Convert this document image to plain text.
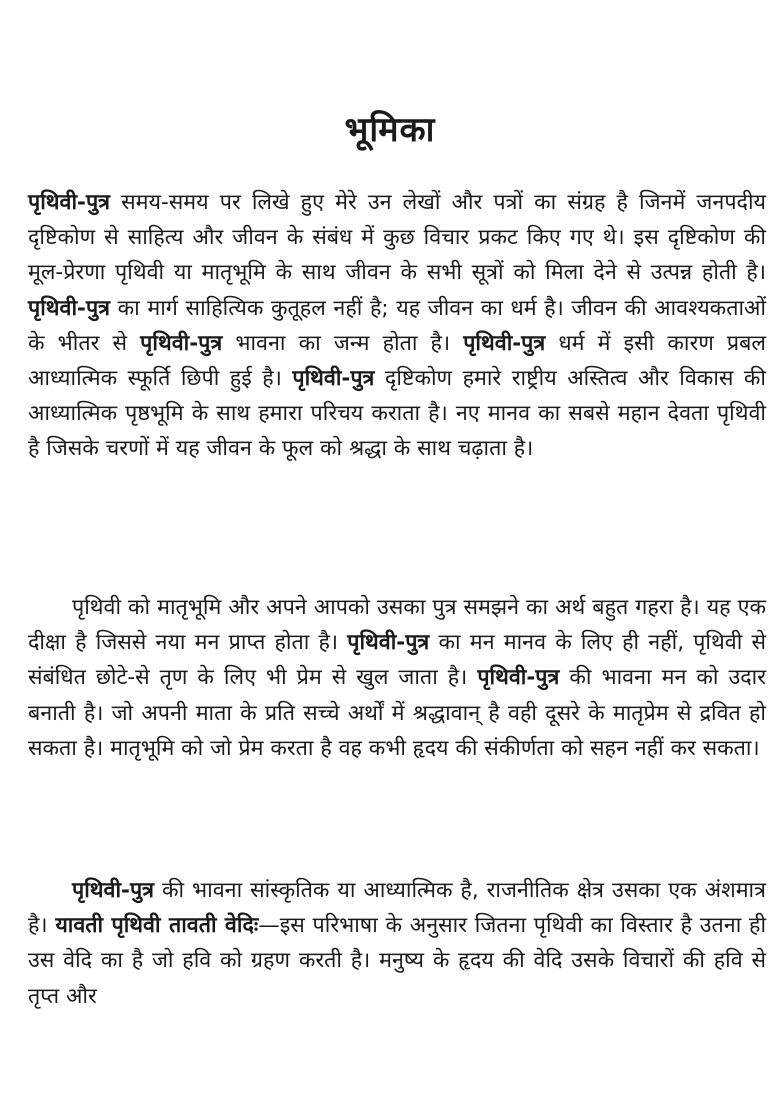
भूमिका

पृथिवी-पुत्र समय-समय पर लिखे हुए मेरे उन लेखों और पत्रों का संग्रह है जिनमें जनपदीय दृष्टिकोण से साहित्य और जीवन के संबंध में कुछ विचार प्रकट किए गए थे। इस दृष्टिकोण की मूल-प्रेरणा पृथिवी या मातृभूमि के साथ जीवन के सभी सूत्रों को मिला देने से उत्पन्न होती है। पृथिवी-पुत्र का मार्ग साहित्यिक कुतूहल नहीं है; यह जीवन का धर्म है। जीवन की आवश्यकताओं के भीतर से पृथिवी-पुत्र भावना का जन्म होता है। पृथिवी-पुत्र धर्म में इसी कारण प्रबल आध्यात्मिक स्फूर्ति छिपी हुई है। पृथिवी-पुत्र दृष्टिकोण हमारे राष्ट्रीय अस्तित्व और विकास की आध्यात्मिक पृष्ठभूमि के साथ हमारा परिचय कराता है। नए मानव का सबसे महान देवता पृथिवी है जिसके चरणों में यह जीवन के फूल को श्रद्धा के साथ चढ़ाता है।

पृथिवी को मातृभूमि और अपने आपको उसका पुत्र समझने का अर्थ बहुत गहरा है। यह एक दीक्षा है जिससे नया मन प्राप्त होता है। पृथिवी-पुत्र का मन मानव के लिए ही नहीं, पृथिवी से संबंधित छोटे-से तृण के लिए भी प्रेम से खुल जाता है। पृथिवी-पुत्र की भावना मन को उदार बनाती है। जो अपनी माता के प्रति सच्चे अर्थों में श्रद्धावान् है वही दूसरे के मातृप्रेम से द्रवित हो सकता है। मातृभूमि को जो प्रेम करता है वह कभी हृदय की संकीर्णता को सहन नहीं कर सकता।

पृथिवी-पुत्र की भावना सांस्कृतिक या आध्यात्मिक है, राजनीतिक क्षेत्र उसका एक अंशमात्र है। यावती पृथिवी तावती वेदिः—इस परिभाषा के अनुसार जितना पृथिवी का विस्तार है उतना ही उस वेदि का है जो हवि को ग्रहण करती है। मनुष्य के हृदय की वेदि उसके विचारों की हवि से तृप्त और
